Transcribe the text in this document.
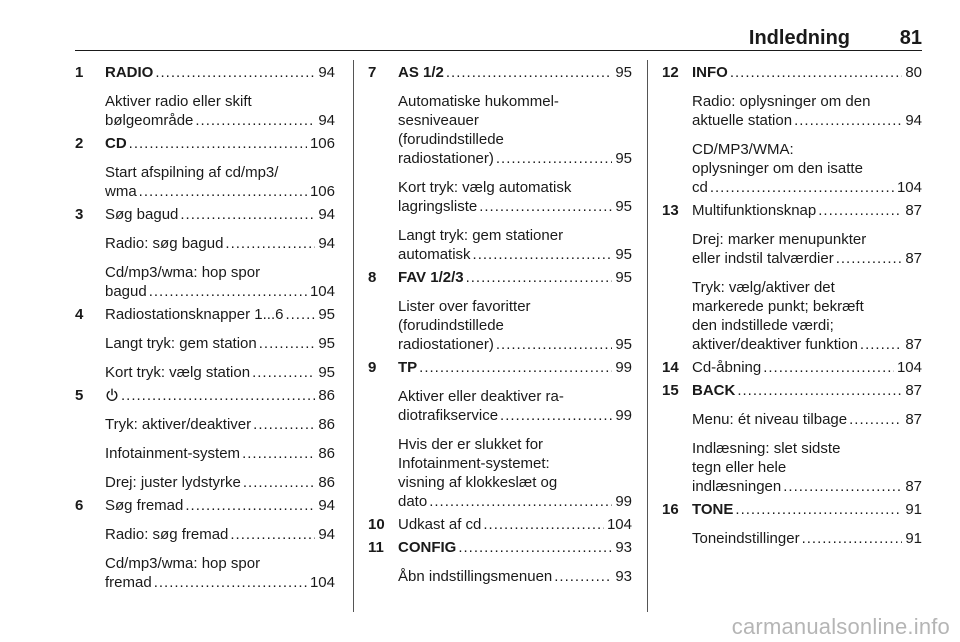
Indledning 81
1 RADIO .....	94
Aktiver radio eller skift
bølgeområde .....	94
2 CD .....	106
Start afspilning af cd/mp3/
wma .....	106
3 Søg bagud .....	94
Radio: søg bagud .....	94
Cd/mp3/wma: hop spor
bagud .....	104
4 Radiostationsknapper 1...6 ..... 95
Langt tryk: gem station .....	95
Kort tryk: vælg station .....	95
5 .....	86
Tryk: aktiver/deaktiver .....	86
Infotainment-system .....	86
Drej: juster lydstyrke .....	86
6 Søg fremad .....	94
Radio: søg fremad .....	94
Cd/mp3/wma: hop spor
fremad .....	104
7 AS 1/2 .....	95
Automatiske hukommel-
sesniveauer
(forudindstillede
radiostationer) .....	95
Kort tryk: vælg automatisk
lagringsliste .....	95
Langt tryk: gem stationer
automatisk .....	95
8 FAV 1/2/3 .....	95
Lister over favoritter
(forudindstillede
radiostationer) .....	95
9 TP .....	99
Aktiver eller deaktiver ra-
diotrafikservice .....	99
Hvis der er slukket for
Infotainment-systemet:
visning af klokkeslæt og
dato .....	99
10 Udkast af cd .....	104
11 CONFIG .....	93
Åbn indstillingsmenuen .....	93
12 INFO .....	80
Radio: oplysninger om den
aktuelle station .....	94
CD/MP3/WMA:
oplysninger om den isatte
cd .....	104
13 Multifunktionsknap .....	87
Drej: marker menupunkter
eller indstil talværdier .....	87
Tryk: vælg/aktiver det
markerede punkt; bekræft
den indstillede værdi;
aktiver/deaktiver funktion .....	87
14 Cd-åbning .....	104
15 BACK .....	87
Menu: ét niveau tilbage .....	87
Indlæsning: slet sidste
tegn eller hele
indlæsningen .....	87
16 TONE .....	91
Toneindstillinger .....	91
carmanualsonline.info
